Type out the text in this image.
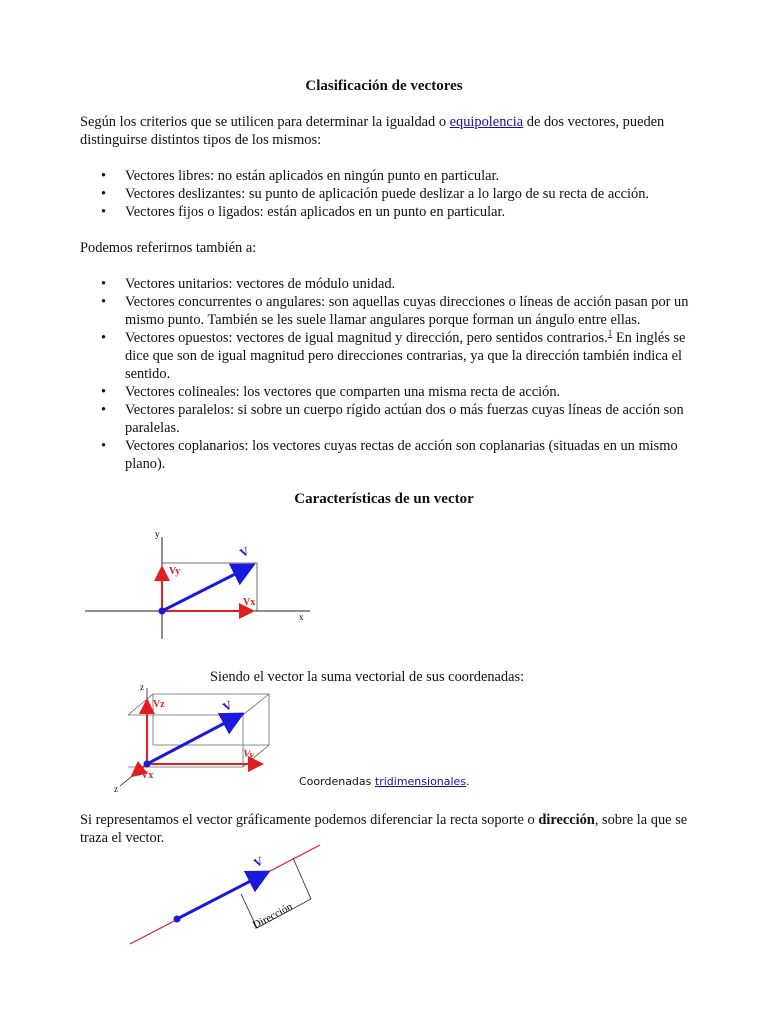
Clasificación de vectores

Según los criterios que se utilicen para determinar la igualdad o equipolencia de dos vectores, pueden
distinguirse distintos tipos de los mismos:

• Vectores libres: no están aplicados en ningún punto en particular.
• Vectores deslizantes: su punto de aplicación puede deslizar a lo largo de su recta de acción.
• Vectores fijos o ligados: están aplicados en un punto en particular.

Podemos referirnos también a:

• Vectores unitarios: vectores de módulo unidad.
• Vectores concurrentes o angulares: son aquellas cuyas direcciones o líneas de acción pasan por un
mismo punto. También se les suele llamar angulares porque forman un ángulo entre ellas.
• Vectores opuestos: vectores de igual magnitud y dirección, pero sentidos contrarios.$^1$ En inglés se
dice que son de igual magnitud pero direcciones contrarias, ya que la dirección también indica el
sentido.
• Vectores colineales: los vectores que comparten una misma recta de acción.
• Vectores paralelos: si sobre un cuerpo rígido actúan dos o más fuerzas cuyas líneas de acción son
paralelas.
• Vectores coplanarios: los vectores cuyas rectas de acción son coplanarias (situadas en un mismo
plano).
Características de un vector
y
x
V
Vy
Vx

Siendo el vector la suma vectorial de sus coordenadas:

z
z
V
Vz
Vy
Vx	Coordenadas tridimensionales.

Si representamos el vector gráficamente podemos diferenciar la recta soporte o dirección, sobre la que se
traza el vector.

V
Dirección
